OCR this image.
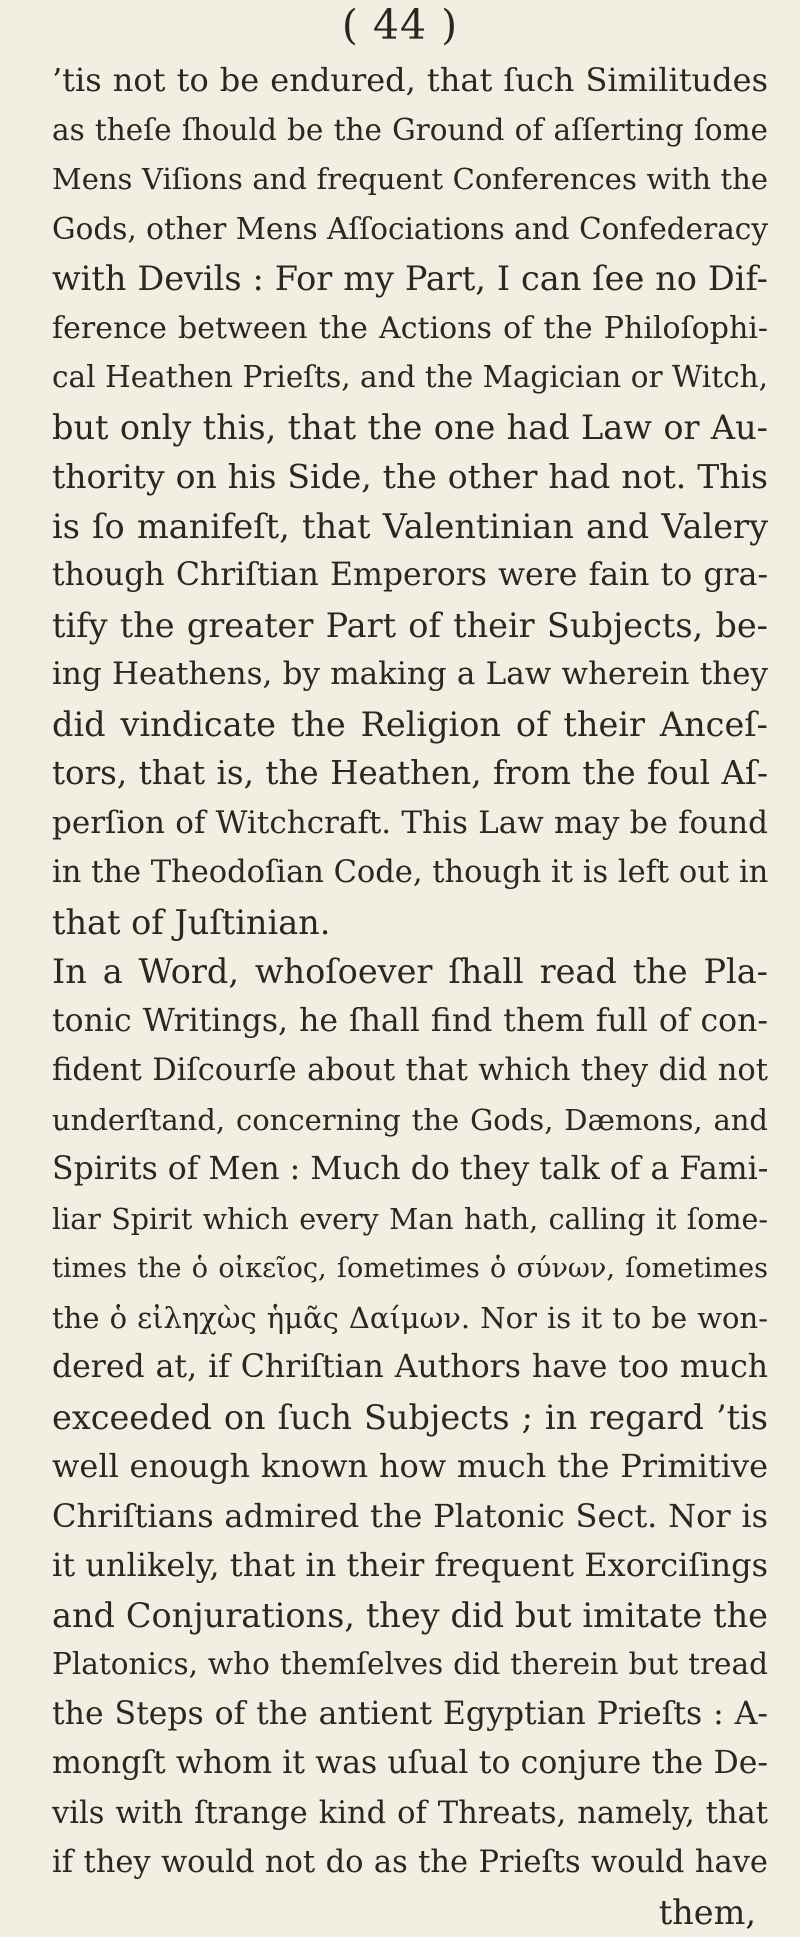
( 44 )
’tis not to be endured, that ſuch Similitudes
as theſe ſhould be the Ground of aſſerting ſome
Mens Viſions and frequent Conferences with the
Gods, other Mens Aſſociations and Confederacy
with Devils : For my Part, I can ſee no Dif-
ference between the Actions of the Philoſophi-
cal Heathen Prieſts, and the Magician or Witch,
but only this, that the one had Law or Au-
thority on his Side, the other had not. This
is ſo manifeſt, that Valentinian and Valery
though Chriſtian Emperors were fain to gra-
tify the greater Part of their Subjects, be-
ing Heathens, by making a Law wherein they
did vindicate the Religion of their Anceſ-
tors, that is, the Heathen, from the foul Aſ-
perſion of Witchcraft. This Law may be found
in the Theodoſian Code, though it is left out in
that of Juſtinian.
In a Word, whoſoever ſhall read the Pla-
tonic Writings, he ſhall find them full of con-
fident Diſcourſe about that which they did not
underſtand, concerning the Gods, Dæmons, and
Spirits of Men : Much do they talk of a Fami-
liar Spirit which every Man hath, calling it ſome-
times the ὁ οἰκεῖος, ſometimes ὁ σύνων, ſometimes
the ὁ εἰληχὼς ἡμᾶς Δαίμων. Nor is it to be won-
dered at, if Chriſtian Authors have too much
exceeded on ſuch Subjects ; in regard ’tis
well enough known how much the Primitive
Chriſtians admired the Platonic Sect. Nor is
it unlikely, that in their frequent Exorciſings
and Conjurations, they did but imitate the
Platonics, who themſelves did therein but tread
the Steps of the antient Egyptian Prieſts : A-
mongſt whom it was uſual to conjure the De-
vils with ſtrange kind of Threats, namely, that
if they would not do as the Prieſts would have
them,
